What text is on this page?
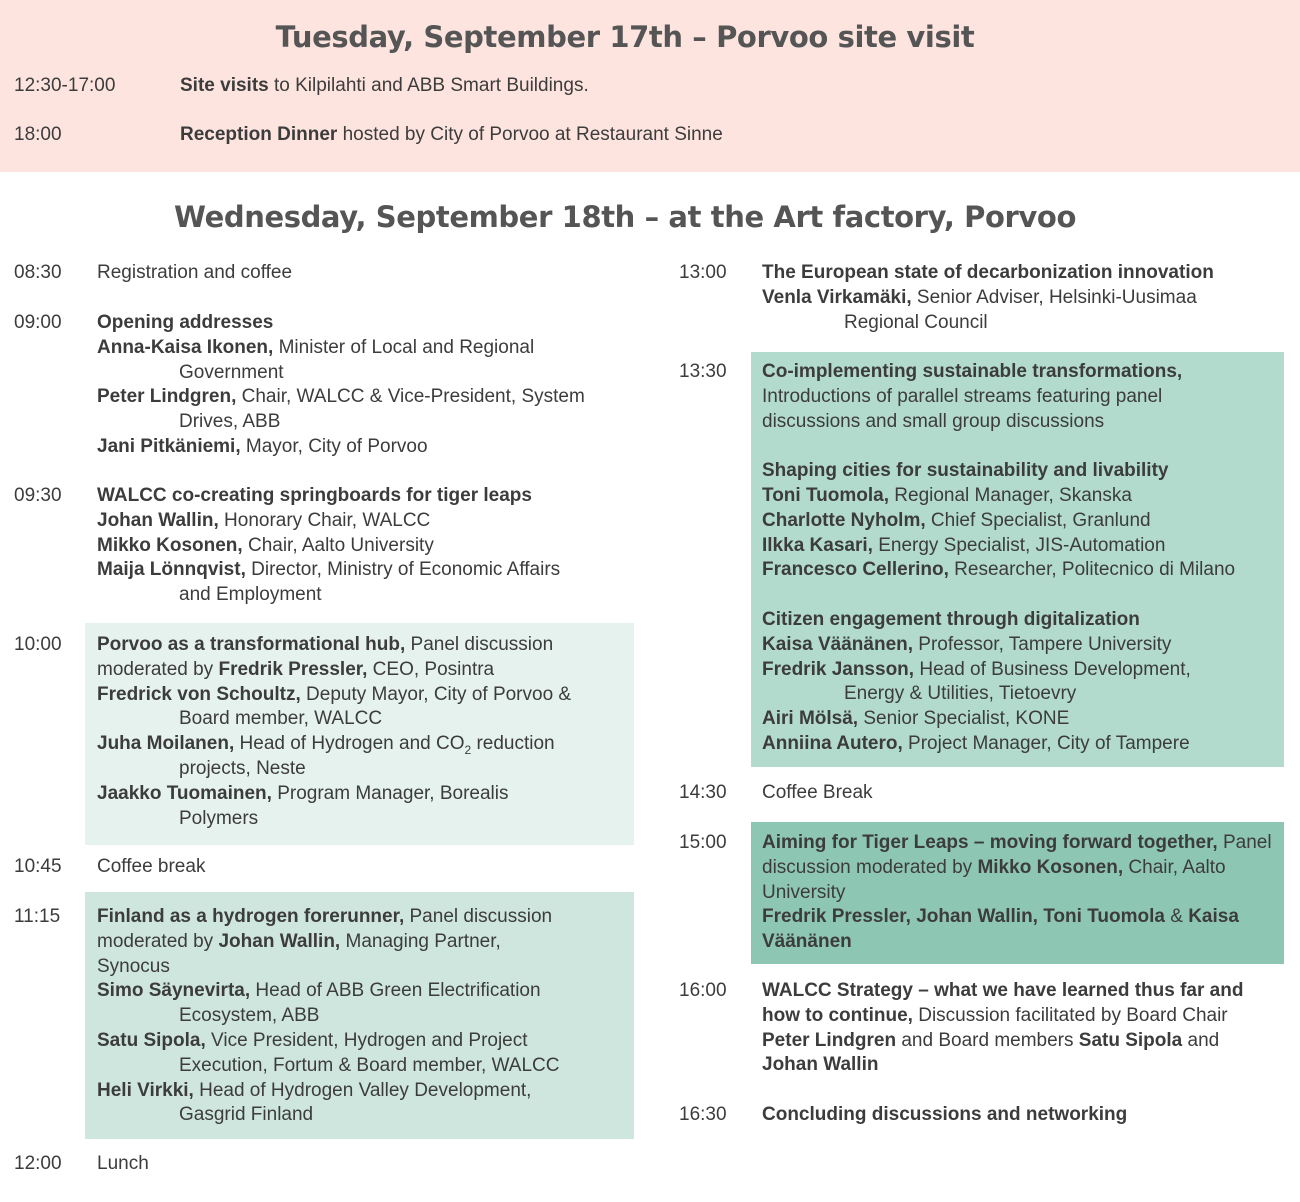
Tuesday, September 17th – Porvoo site visit
12:30-17:00	Site visits to Kilpilahti and ABB Smart Buildings.
18:00	Reception Dinner hosted by City of Porvoo at Restaurant Sinne
Wednesday, September 18th – at the Art factory, Porvoo
08:30 Registration and coffee
09:00 Opening addresses
Anna-Kaisa Ikonen, Minister of Local and Regional
Government
Peter Lindgren, Chair, WALCC & Vice-President, System
Drives, ABB
Jani Pitkäniemi, Mayor, City of Porvoo
09:30 WALCC co-creating springboards for tiger leaps
Johan Wallin, Honorary Chair, WALCC
Mikko Kosonen, Chair, Aalto University
Maija Lönnqvist, Director, Ministry of Economic Affairs
and Employment
10:00 Porvoo as a transformational hub, Panel discussion
moderated by Fredrik Pressler, CEO, Posintra
Fredrick von Schoultz, Deputy Mayor, City of Porvoo &
Board member, WALCC
Juha Moilanen, Head of Hydrogen and $CO_2$ reduction
projects, Neste
Jaakko Tuomainen, Program Manager, Borealis
Polymers
10:45 Coffee break
11:15 Finland as a hydrogen forerunner, Panel discussion
moderated by Johan Wallin, Managing Partner,
Synocus
Simo Säynevirta, Head of ABB Green Electrification
Ecosystem, ABB
Satu Sipola, Vice President, Hydrogen and Project
Execution, Fortum & Board member, WALCC
Heli Virkki, Head of Hydrogen Valley Development,
Gasgrid Finland
12:00 Lunch
13:00 The European state of decarbonization innovation
Venla Virkamäki, Senior Adviser, Helsinki-Uusimaa
Regional Council
13:30 Co-implementing sustainable transformations,
Introductions of parallel streams featuring panel
discussions and small group discussions
Shaping cities for sustainability and livability
Toni Tuomola, Regional Manager, Skanska
Charlotte Nyholm, Chief Specialist, Granlund
Ilkka Kasari, Energy Specialist, JIS-Automation
Francesco Cellerino, Researcher, Politecnico di Milano
Citizen engagement through digitalization
Kaisa Väänänen, Professor, Tampere University
Fredrik Jansson, Head of Business Development,
Energy & Utilities, Tietoevry
Airi Mölsä, Senior Specialist, KONE
Anniina Autero, Project Manager, City of Tampere
14:30 Coffee Break
15:00 Aiming for Tiger Leaps – moving forward together, Panel
discussion moderated by Mikko Kosonen, Chair, Aalto
University
Fredrik Pressler, Johan Wallin, Toni Tuomola & Kaisa
Väänänen
16:00 WALCC Strategy – what we have learned thus far and
how to continue, Discussion facilitated by Board Chair
Peter Lindgren and Board members Satu Sipola and
Johan Wallin
16:30 Concluding discussions and networking
